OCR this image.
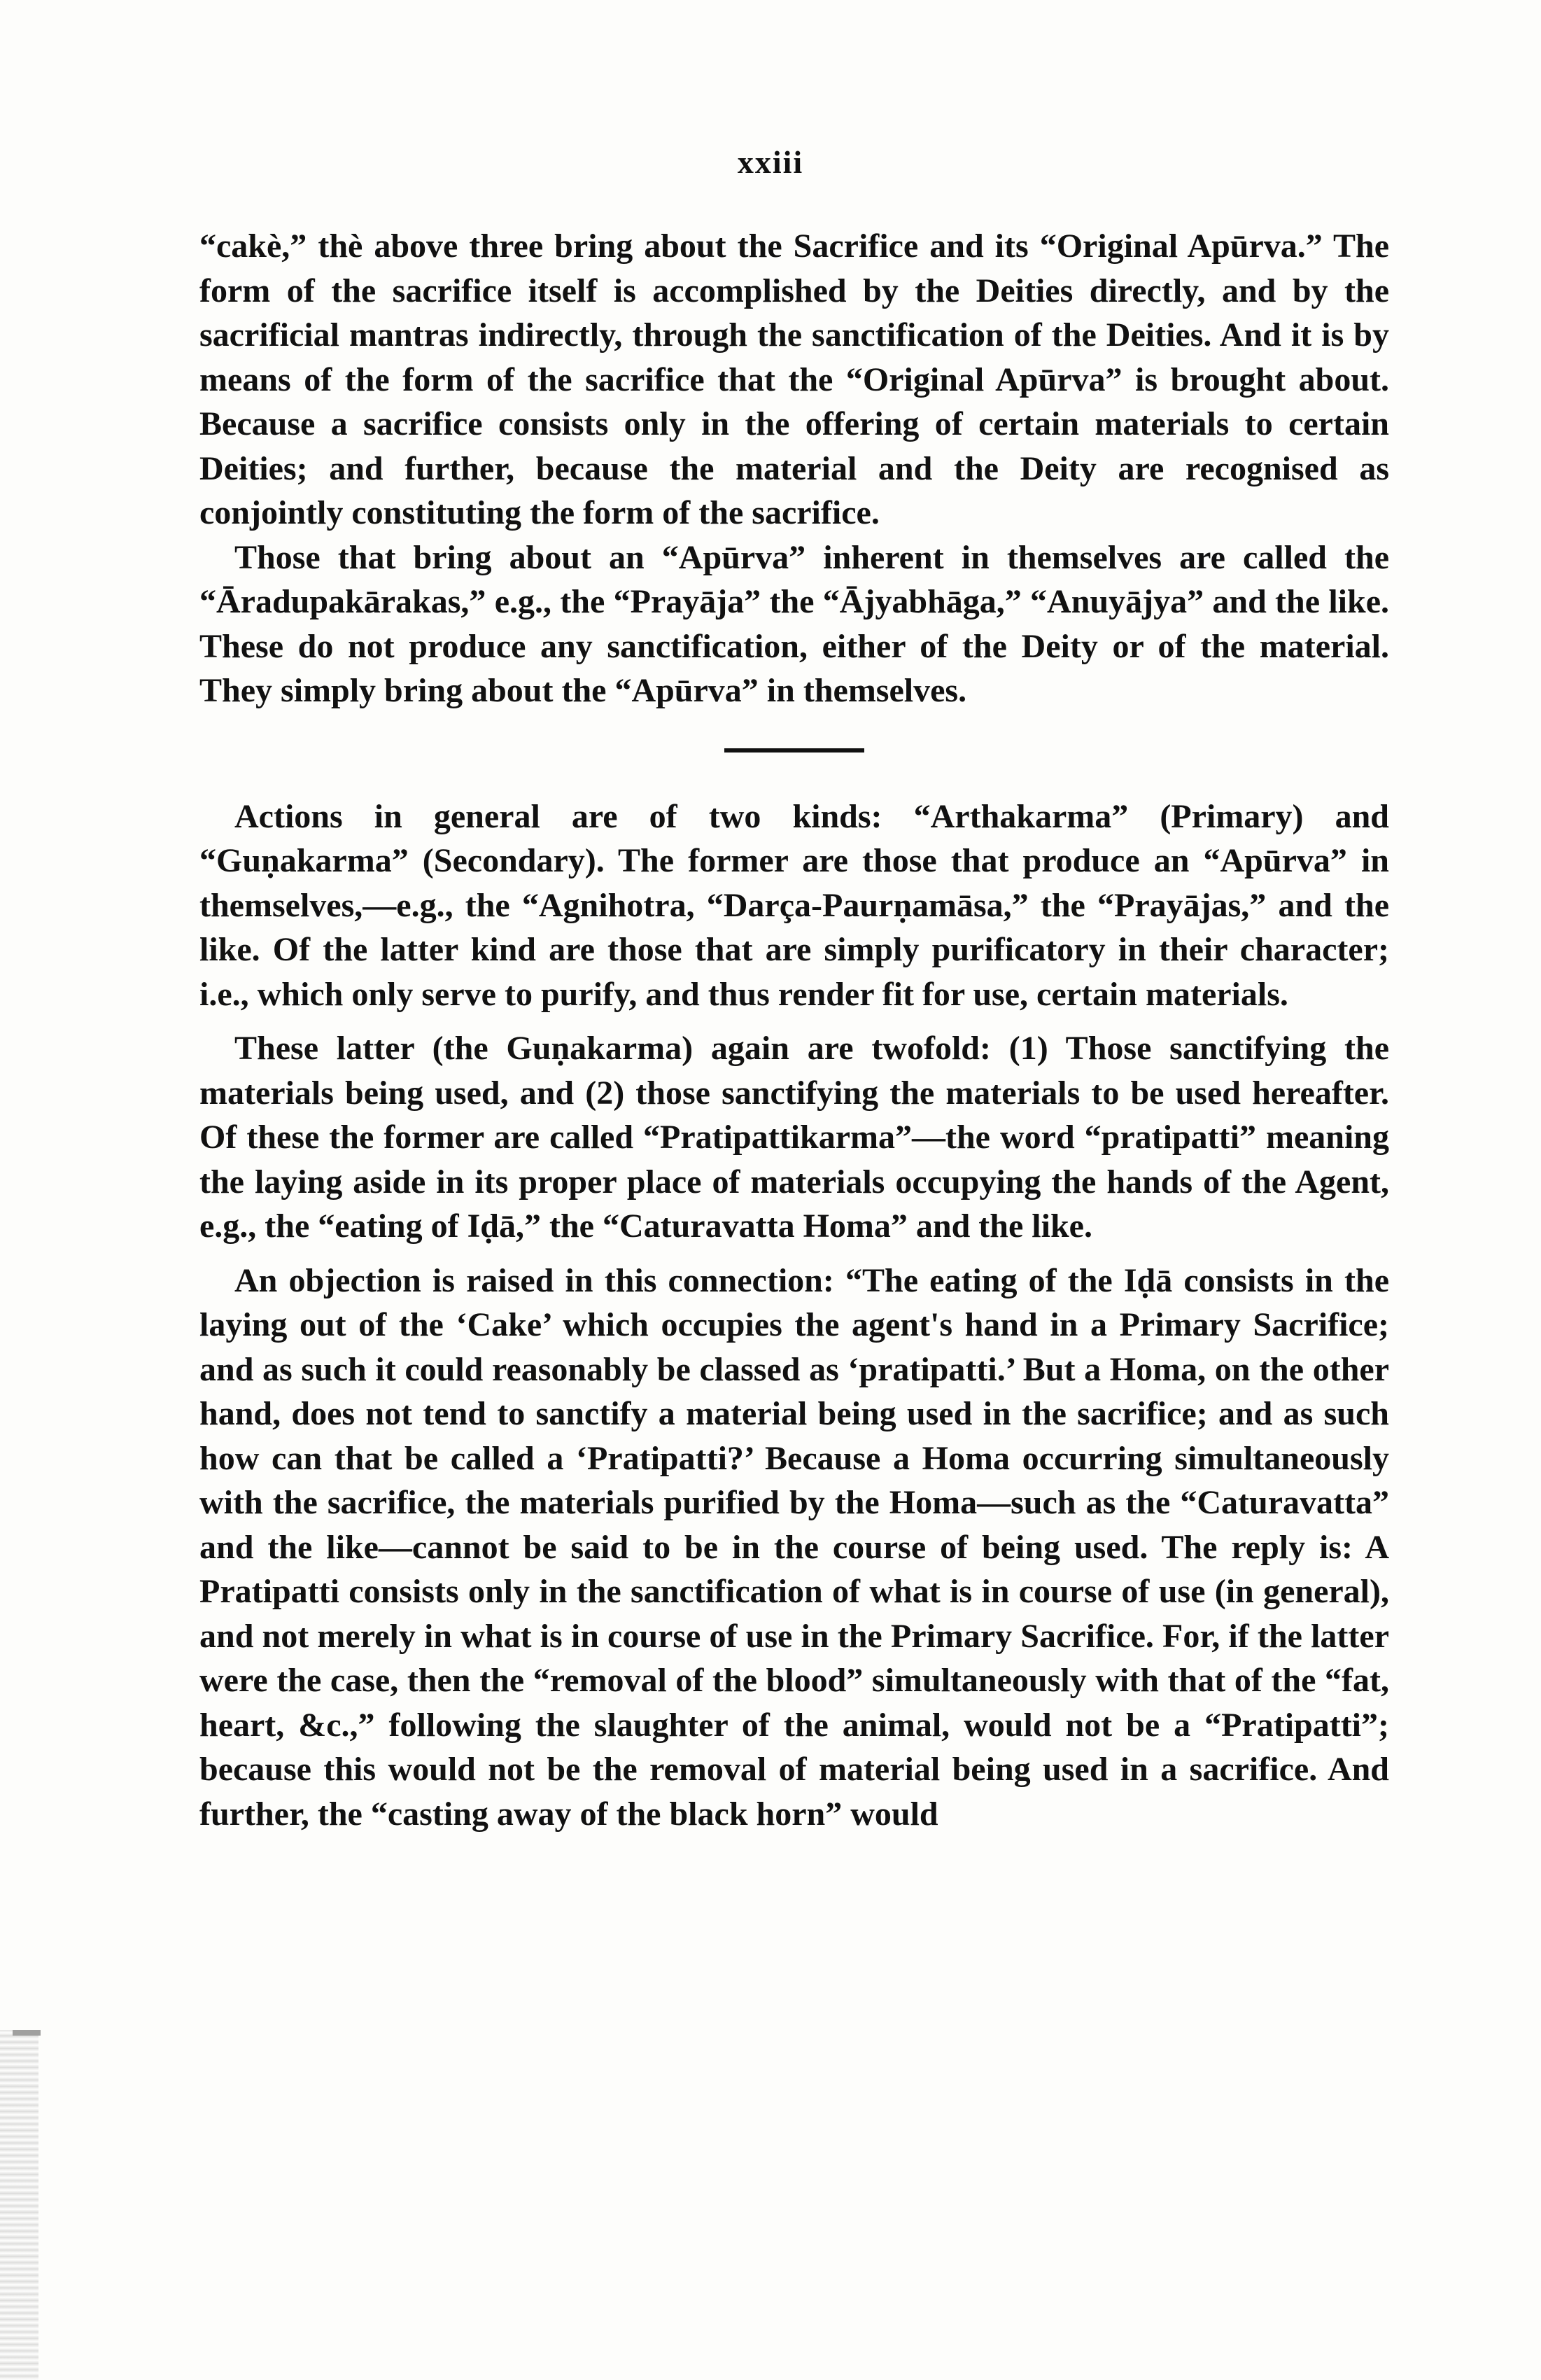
xxiii

“cakè,” thè above three bring about the Sacrifice and its “Original Apūrva.” The form of the sacrifice itself is accomplished by the Deities directly, and by the sacrificial mantras indirectly, through the sanctification of the Deities. And it is by means of the form of the sacrifice that the “Original Apūrva” is brought about. Because a sacrifice consists only in the offering of certain materials to certain Deities; and further, because the material and the Deity are recognised as conjointly constituting the form of the sacrifice.

Those that bring about an “Apūrva” inherent in themselves are called the “Āradupakārakas,” e.g., the “Prayāja” the “Ājyabhāga,” “Anuyājya” and the like. These do not produce any sanctification, either of the Deity or of the material. They simply bring about the “Apūrva” in themselves.

Actions in general are of two kinds: “Arthakarma” (Primary) and “Guṇakarma” (Secondary). The former are those that produce an “Apūrva” in themselves,—e.g., the “Agnihotra, “Darça-Paurṇamāsa,” the “Prayājas,” and the like. Of the latter kind are those that are simply purificatory in their character; i.e., which only serve to purify, and thus render fit for use, certain materials.

These latter (the Guṇakarma) again are twofold: (1) Those sanctifying the materials being used, and (2) those sanctifying the materials to be used hereafter. Of these the former are called “Pratipattikarma”—the word “pratipatti” meaning the laying aside in its proper place of materials occupying the hands of the Agent, e.g., the “eating of Iḍā,” the “Caturavatta Homa” and the like.

An objection is raised in this connection: “The eating of the Iḍā consists in the laying out of the ‘Cake’ which occupies the agent's hand in a Primary Sacrifice; and as such it could reasonably be classed as ‘pratipatti.’ But a Homa, on the other hand, does not tend to sanctify a material being used in the sacrifice; and as such how can that be called a ‘Pratipatti?’ Because a Homa occurring simultaneously with the sacrifice, the materials purified by the Homa—such as the “Caturavatta” and the like—cannot be said to be in the course of being used. The reply is: A Pratipatti consists only in the sanctification of what is in course of use (in general), and not merely in what is in course of use in the Primary Sacrifice. For, if the latter were the case, then the “removal of the blood” simultaneously with that of the “fat, heart, &c.,” following the slaughter of the animal, would not be a “Pratipatti”; because this would not be the removal of material being used in a sacrifice. And further, the “casting away of the black horn” would
